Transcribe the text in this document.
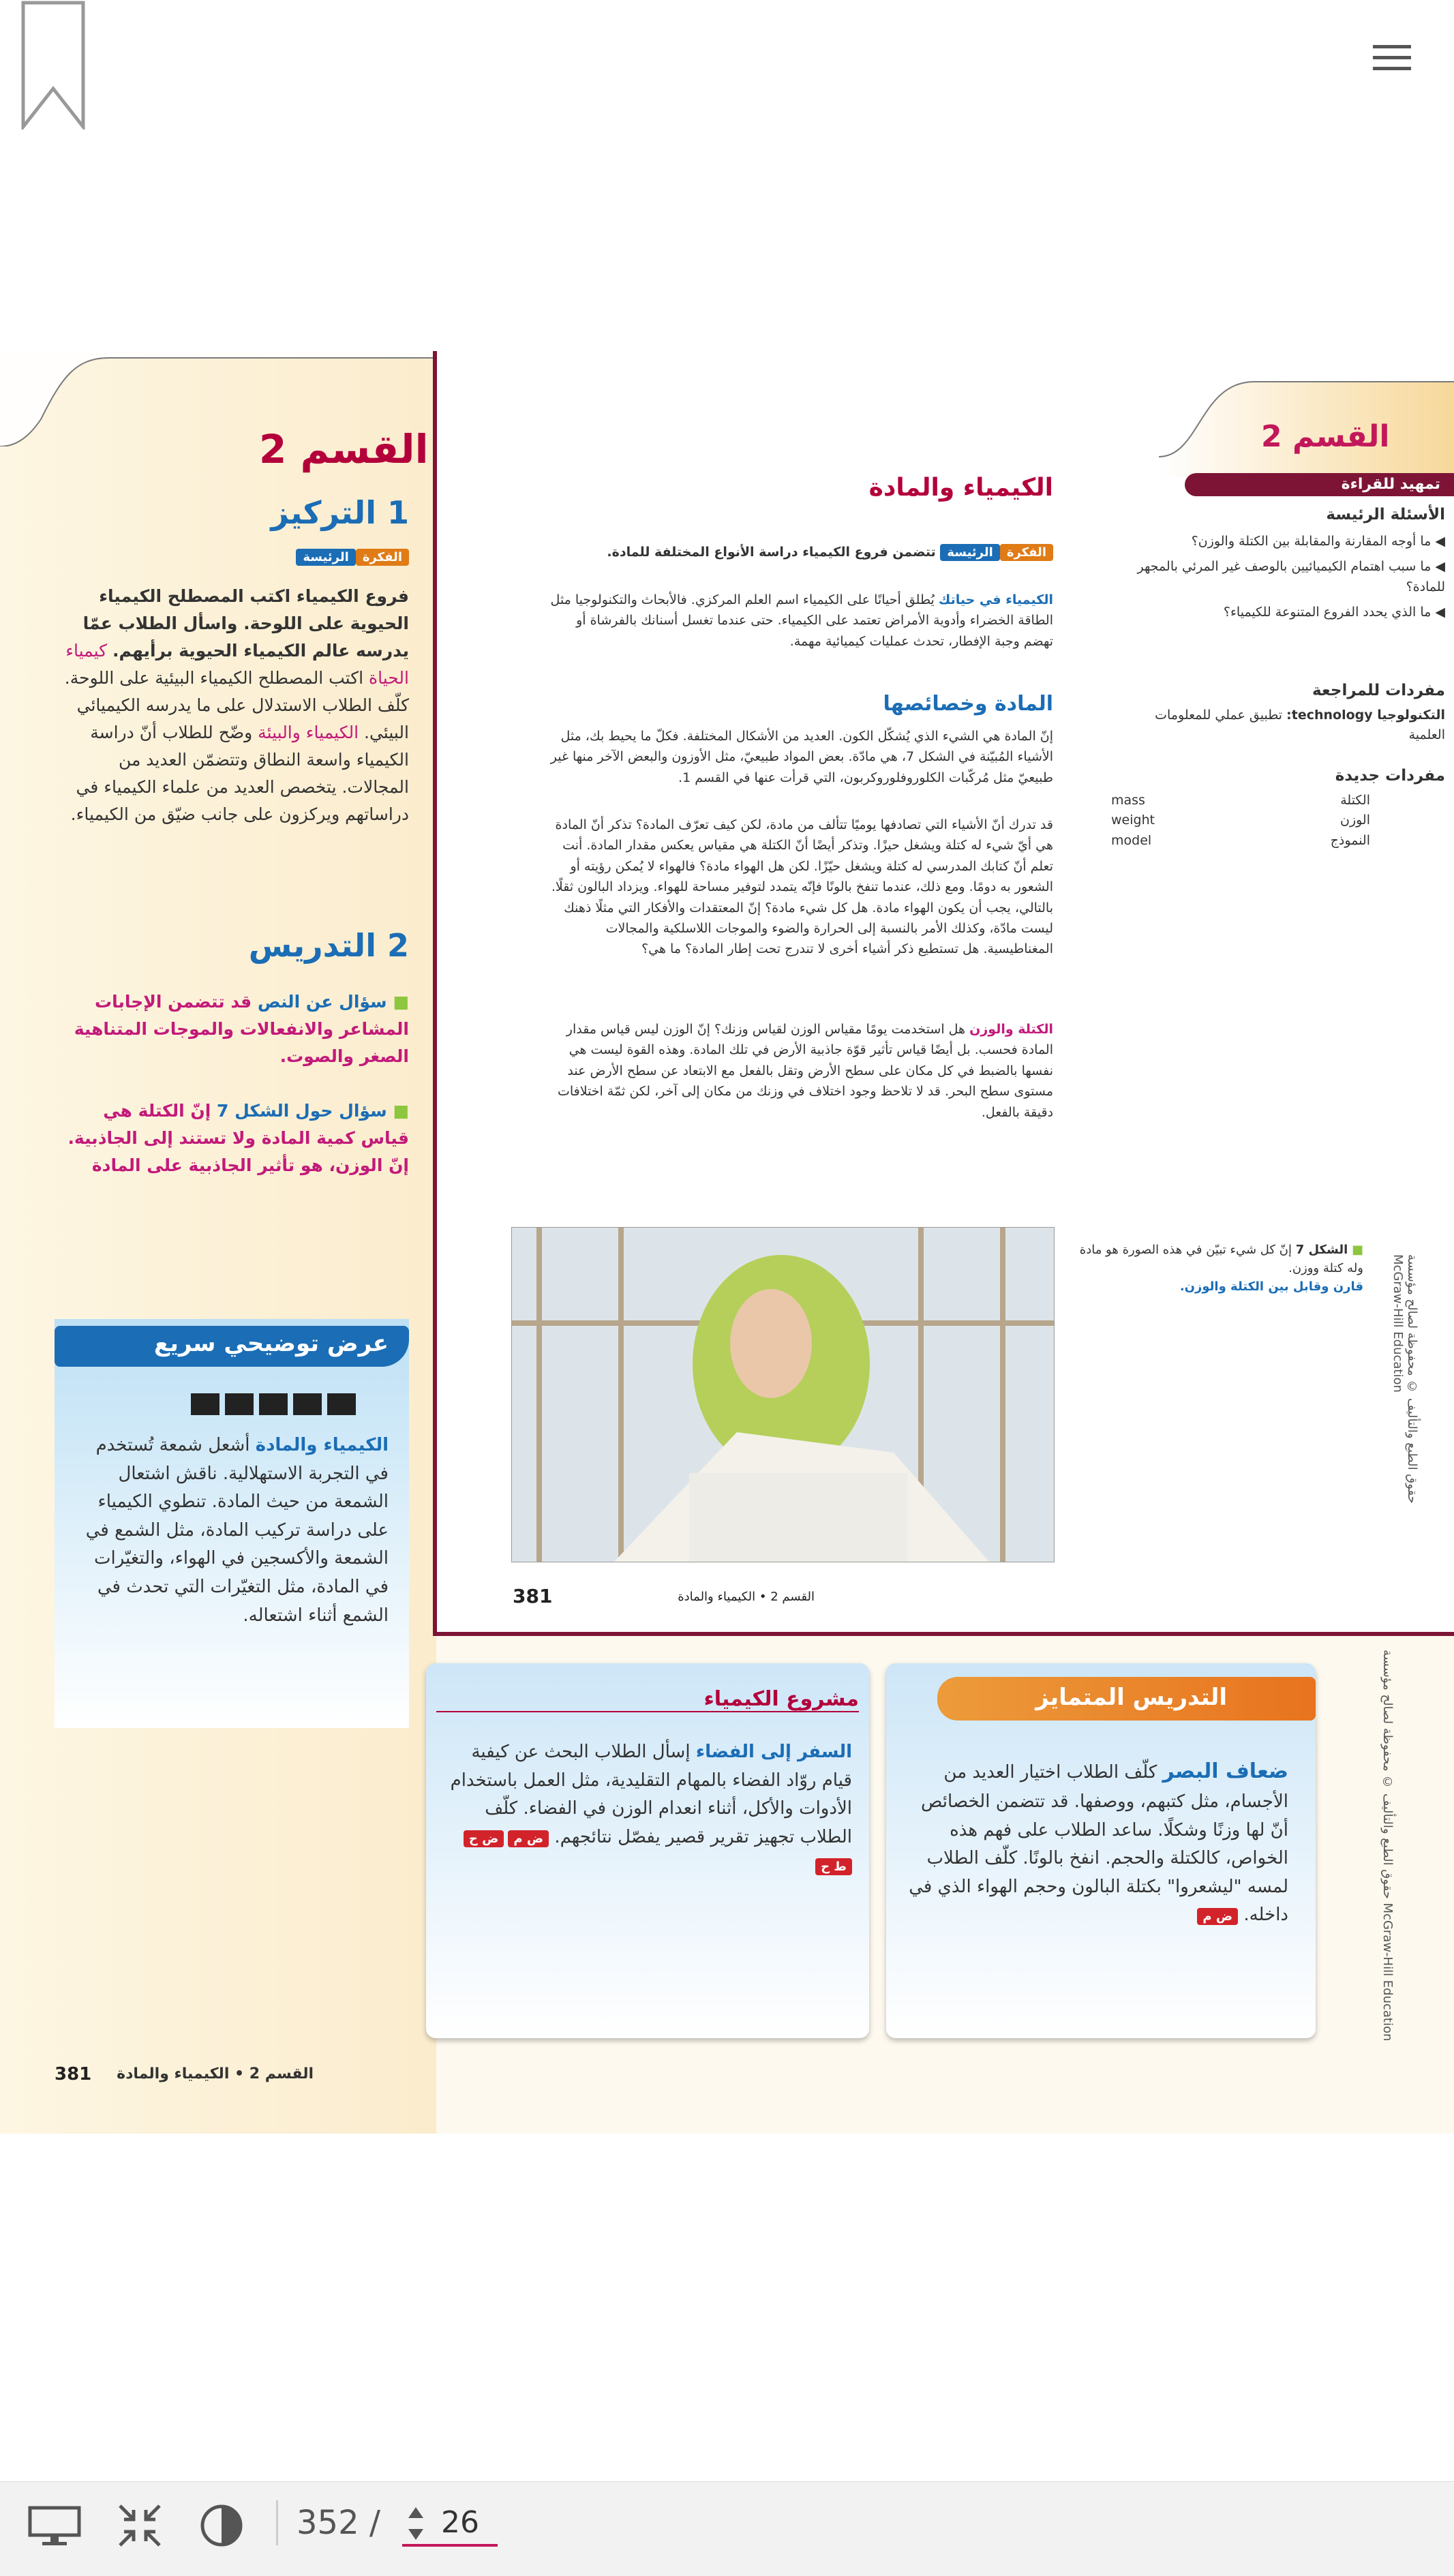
القسم 2
1 التركيز
الفكرةالرئيسة
فروع الكيمياء اكتب المصطلح الكيمياء الحيوية على اللوحة. واسأل الطلاب عمّا يدرسه عالم الكيمياء الحيوية برأيهم. كيمياء الحياة اكتب المصطلح الكيمياء البيئية على اللوحة. كلّف الطلاب الاستدلال على ما يدرسه الكيميائي البيئي. الكيمياء والبيئة وضّح للطلاب أنّ دراسة الكيمياء واسعة النطاق وتتضمّن العديد من المجالات. يتخصص العديد من علماء الكيمياء في دراساتهم ويركزون على جانب ضيّق من الكيمياء.
2 التدريس
■ سؤال عن النص قد تتضمن الإجابات المشاعر والانفعالات والموجات المتناهية الصغر والصوت.
■ سؤال حول الشكل 7 إنّ الكتلة هي قياس كمية المادة ولا تستند إلى الجاذبية. إنّ الوزن، هو تأثير الجاذبية على المادة
عرض توضيحي سريع
الكيمياء والمادة أشعل شمعة تُستخدم في التجربة الاستهلالية. ناقش اشتعال الشمعة من حيث المادة. تنطوي الكيمياء على دراسة تركيب المادة، مثل الشمع في الشمعة والأكسجين في الهواء، والتغيّرات في المادة، مثل التغيّرات التي تحدث في الشمع أثناء اشتعاله.
القسم 2 • الكيمياء والمادة
381
القسم 2
تمهيد للقراءة
الأسئلة الرئيسة
◀ ما أوجه المقارنة والمقابلة بين الكتلة والوزن؟
◀ ما سبب اهتمام الكيميائيين بالوصف غير المرئي بالمجهر للمادة؟
◀ ما الذي يحدد الفروع المتنوعة للكيمياء؟
مفردات للمراجعة
التكنولوجيا technology: تطبيق عملي للمعلومات العلمية
مفردات جديدة
mass	الكتلة
weight	الوزن
model	النموذج
الكيمياء والمادة
الفكرةالرئيسة تتضمن فروع الكيمياء دراسة الأنواع المختلفة للمادة.
الكيمياء في حياتك يُطلق أحيانًا على الكيمياء اسم العلم المركزي. فالأبحاث والتكنولوجيا مثل الطاقة الخضراء وأدوية الأمراض تعتمد على الكيمياء. حتى عندما تغسل أسنانك بالفرشاة أو تهضم وجبة الإفطار، تحدث عمليات كيميائية مهمة.
المادة وخصائصها
إنّ المادة هي الشيء الذي يُشكّل الكون. العديد من الأشكال المختلفة. فكلّ ما يحيط بك، مثل الأشياء المُبيّنة في الشكل 7، هي مادّة. بعض المواد طبيعيّ، مثل الأوزون والبعض الآخر منها غير طبيعيّ مثل مُركّبات الكلوروفلوروكربون، التي قرأت عنها في القسم 1.
قد تدرك أنّ الأشياء التي تصادفها يوميًا تتألف من مادة، لكن كيف تعرّف المادة؟ تذكر أنّ المادة هي أيّ شيء له كتلة ويشغل حيزًا. وتذكر أيضًا أنّ الكتلة هي مقياس يعكس مقدار المادة. أنت تعلم أنّ كتابك المدرسي له كتلة ويشغل حيّزًا. لكن هل الهواء مادة؟ فالهواء لا يُمكن رؤيته أو الشعور به دومًا. ومع ذلك، عندما تنفخ بالونًا فإنّه يتمدد لتوفير مساحة للهواء. ويزداد البالون ثقلًا. بالتالي، يجب أن يكون الهواء مادة. هل كل شيء مادة؟ إنّ المعتقدات والأفكار التي مثلًا ذهنك ليست مادّة، وكذلك الأمر بالنسبة إلى الحرارة والضوء والموجات اللاسلكية والمجالات المغناطيسية. هل تستطيع ذكر أشياء أخرى لا تندرج تحت إطار المادة؟ ما هي؟
الكتلة والوزن هل استخدمت يومًا مقياس الوزن لقياس وزنك؟ إنّ الوزن ليس قياس مقدار المادة فحسب. بل أيضًا قياس تأثير قوّة جاذبية الأرض في تلك المادة. وهذه القوة ليست هي نفسها بالضبط في كل مكان على سطح الأرض وتقل بالفعل مع الابتعاد عن سطح الأرض عند مستوى سطح البحر. قد لا تلاحظ وجود اختلاف في وزنك من مكان إلى آخر، لكن ثمّة اختلافات دقيقة بالفعل.
■ الشكل 7 إنّ كل شيء تبيّن في هذه الصورة هو مادة وله كتلة ووزن.
قارن وقابل بين الكتلة والوزن.	حقوق الطبع والتأليف © محفوظة لصالح مؤسسة McGraw-Hill Education
حقوق الطبع والتأليف © محفوظة لصالح مؤسسة McGraw-Hill Education
القسم 2 • الكيمياء والمادة
381
التدريس المتمايز
ضعاف البصر كلّف الطلاب اختيار العديد من الأجسام، مثل كتبهم، ووصفها. قد تتضمن الخصائص أنّ لها وزنًا وشكلًا. ساعد الطلاب على فهم هذه الخواص، كالكتلة والحجم. انفخ بالونًا. كلّف الطلاب لمسه "ليشعروا" بكتلة البالون وحجم الهواء الذي في داخله. ض م
مشروع الكيمياء
السفر إلى الفضاء إسأل الطلاب البحث عن كيفية قيام روّاد الفضاء بالمهام التقليدية، مثل العمل باستخدام الأدوات والأكل، أثناء انعدام الوزن في الفضاء. كلّف الطلاب تجهيز تقرير قصير يفصّل نتائجهم. ض مض حط ح
352 /	26
